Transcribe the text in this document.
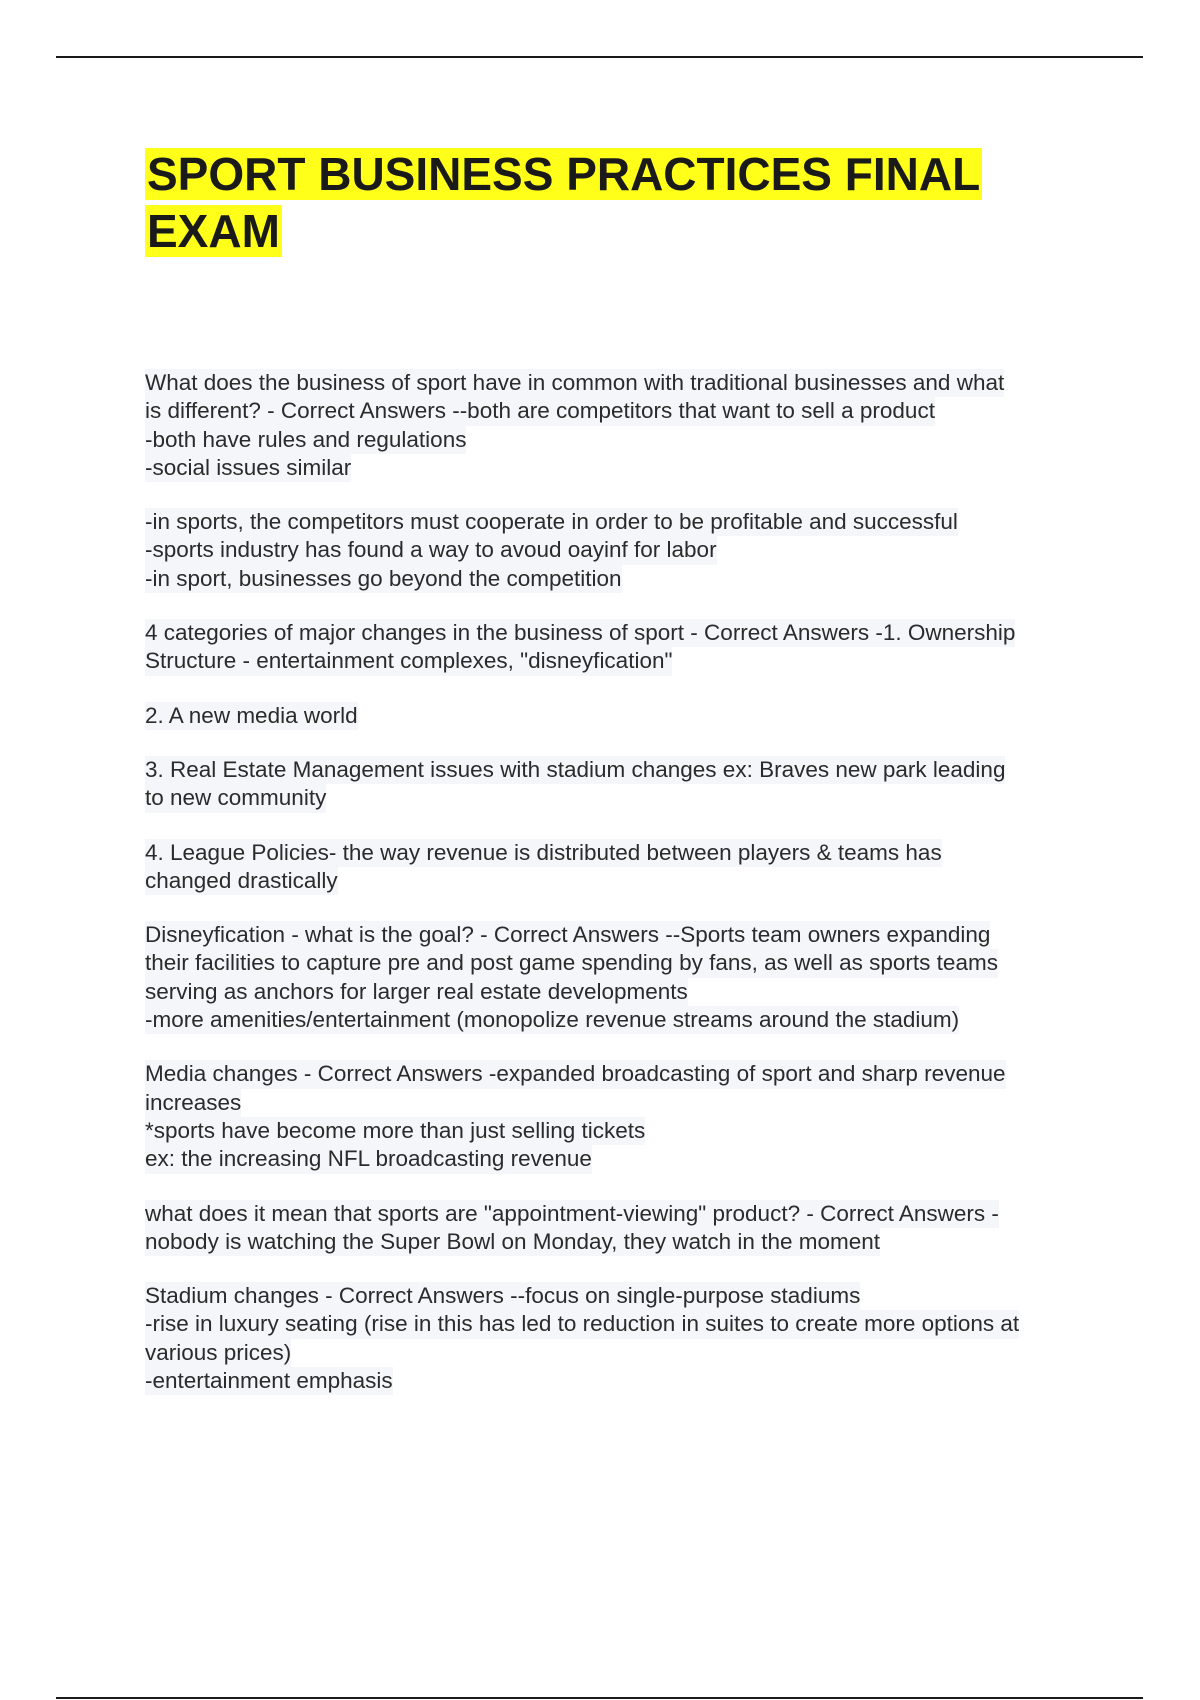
SPORT BUSINESS PRACTICES FINAL
EXAM

What does the business of sport have in common with traditional businesses and what
is different? - Correct Answers --both are competitors that want to sell a product
-both have rules and regulations
-social issues similar

-in sports, the competitors must cooperate in order to be profitable and successful
-sports industry has found a way to avoud oayinf for labor
-in sport, businesses go beyond the competition

4 categories of major changes in the business of sport - Correct Answers -1. Ownership
Structure - entertainment complexes, "disneyfication"

2. A new media world

3. Real Estate Management issues with stadium changes ex: Braves new park leading
to new community

4. League Policies- the way revenue is distributed between players & teams has
changed drastically

Disneyfication - what is the goal? - Correct Answers --Sports team owners expanding
their facilities to capture pre and post game spending by fans, as well as sports teams
serving as anchors for larger real estate developments
-more amenities/entertainment (monopolize revenue streams around the stadium)

Media changes - Correct Answers -expanded broadcasting of sport and sharp revenue
increases
*sports have become more than just selling tickets
ex: the increasing NFL broadcasting revenue

what does it mean that sports are "appointment-viewing" product? - Correct Answers -
nobody is watching the Super Bowl on Monday, they watch in the moment

Stadium changes - Correct Answers --focus on single-purpose stadiums
-rise in luxury seating (rise in this has led to reduction in suites to create more options at
various prices)
-entertainment emphasis
